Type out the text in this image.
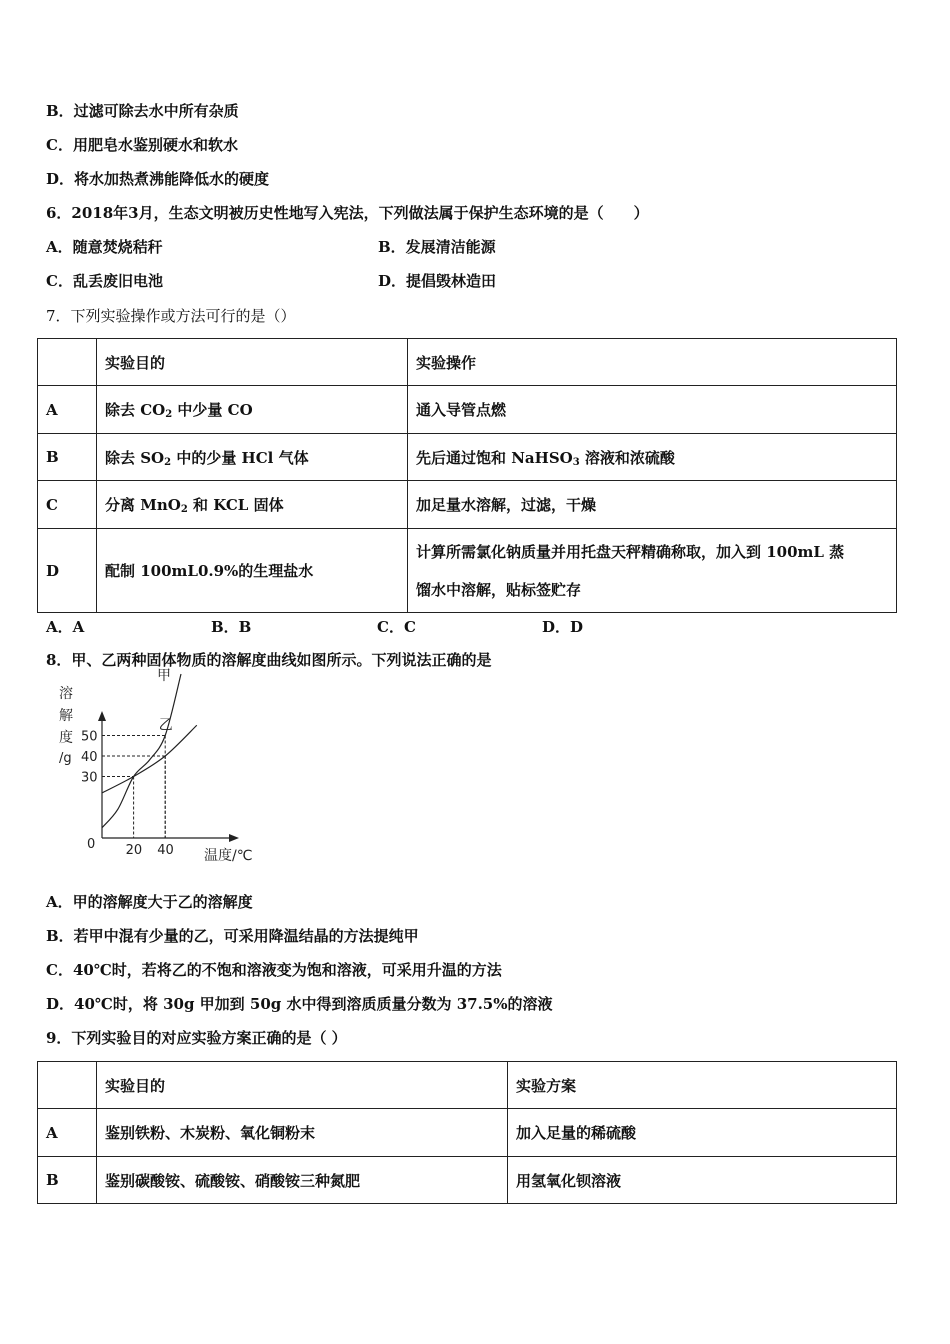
B．过滤可除去水中所有杂质
C．用肥皂水鉴别硬水和软水
D．将水加热煮沸能降低水的硬度
6．2018年3月，生态文明被历史性地写入宪法，下列做法属于保护生态环境的是（　　）
A．随意焚烧秸秆	B．发展清洁能源
C．乱丢废旧电池	D．提倡毁林造田
7．下列实验操作或方法可行的是（）
	实验目的	实验操作
A	除去 $CO_2$ 中少量 CO	通入导管点燃
B	除去 $SO_2$ 中的少量 HCl 气体	先后通过饱和 NaHSO$_3$ 溶液和浓硫酸
C	分离 MnO$_2$ 和 KCL 固体	加足量水溶解，过滤，干燥
D	配制 100mL0.9%的生理盐水	计算所需氯化钠质量并用托盘天秤精确称取，加入到 100mL 蒸
馏水中溶解，贴标签贮存
A．A	B．B	C．C	D．D
8．甲、乙两种固体物质的溶解度曲线如图所示。下列说法正确的是
溶
解
度
/g
20 40
30
40
50
0
温度/℃
甲
乙
A．甲的溶解度大于乙的溶解度
B．若甲中混有少量的乙，可采用降温结晶的方法提纯甲
C．40℃时，若将乙的不饱和溶液变为饱和溶液，可采用升温的方法
D．40℃时，将 30g 甲加到 50g 水中得到溶质质量分数为 37.5%的溶液
9．下列实验目的对应实验方案正确的是（ ）
	实验目的	实验方案
A	鉴别铁粉、木炭粉、氧化铜粉末	加入足量的稀硫酸
B	鉴别碳酸铵、硫酸铵、硝酸铵三种氮肥	用氢氧化钡溶液
